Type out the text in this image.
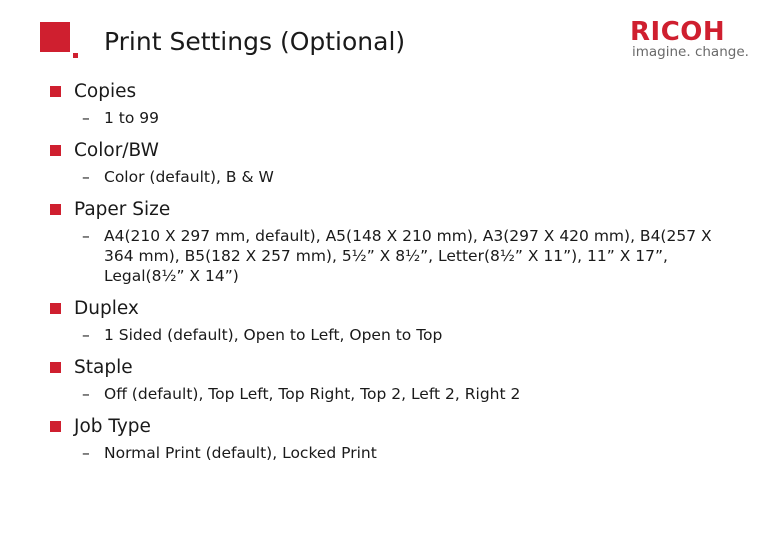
Print Settings (Optional)	RICOH
imagine. change.
Copies
– 1 to 99
Color/BW
– Color (default), B & W
Paper Size
– A4(210 X 297 mm, default), A5(148 X 210 mm), A3(297 X 420 mm), B4(257 X 364 mm), B5(182 X 257 mm), 5½” X 8½”, Letter(8½” X 11”), 11” X 17”, Legal(8½” X 14”)
Duplex
– 1 Sided (default), Open to Left, Open to Top
Staple
– Off (default), Top Left, Top Right, Top 2, Left 2, Right 2
Job Type
– Normal Print (default), Locked Print
